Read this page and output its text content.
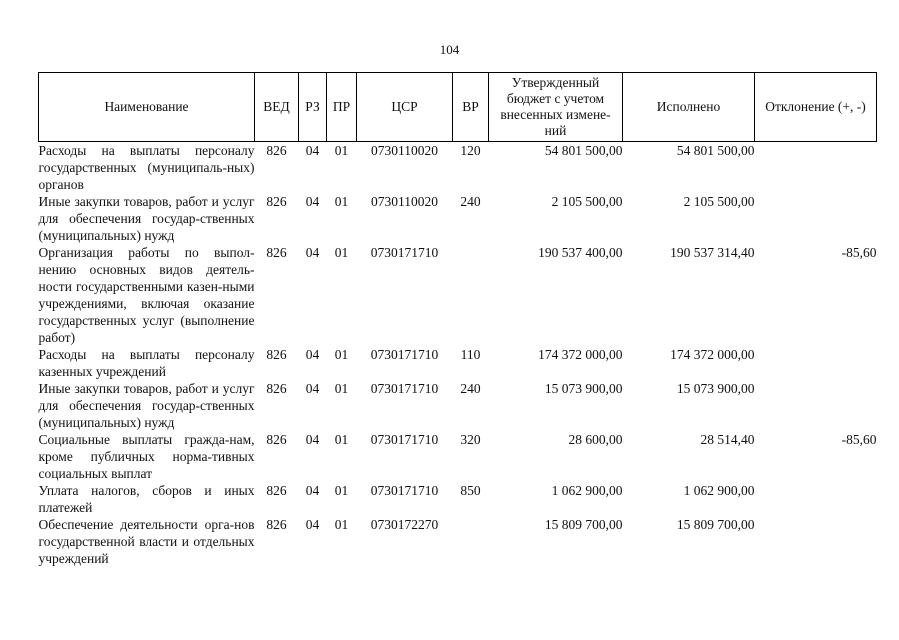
104
Наименование	ВЕД	РЗ	ПР	ЦСР	ВР	Утвержденный бюджет с учетом внесенных измене-ний	Исполнено	Отклонение (+, -)
Расходы на выплаты персоналу государственных (муниципаль-ных) органов	826	04	01	0730110020	120	54 801 500,00	54 801 500,00	
Иные закупки товаров, работ и услуг для обеспечения государ-ственных (муниципальных) нужд	826	04	01	0730110020	240	2 105 500,00	2 105 500,00	
Организация работы по выпол-нению основных видов деятель-ности государственными казен-ными учреждениями, включая оказание государственных услуг (выполнение работ)	826	04	01	0730171710		190 537 400,00	190 537 314,40	-85,60
Расходы на выплаты персоналу казенных учреждений	826	04	01	0730171710	110	174 372 000,00	174 372 000,00	
Иные закупки товаров, работ и услуг для обеспечения государ-ственных (муниципальных) нужд	826	04	01	0730171710	240	15 073 900,00	15 073 900,00	
Социальные выплаты гражда-нам, кроме публичных норма-тивных социальных выплат	826	04	01	0730171710	320	28 600,00	28 514,40	-85,60
Уплата налогов, сборов и иных платежей	826	04	01	0730171710	850	1 062 900,00	1 062 900,00	
Обеспечение деятельности орга-нов государственной власти и отдельных учреждений	826	04	01	0730172270		15 809 700,00	15 809 700,00	
